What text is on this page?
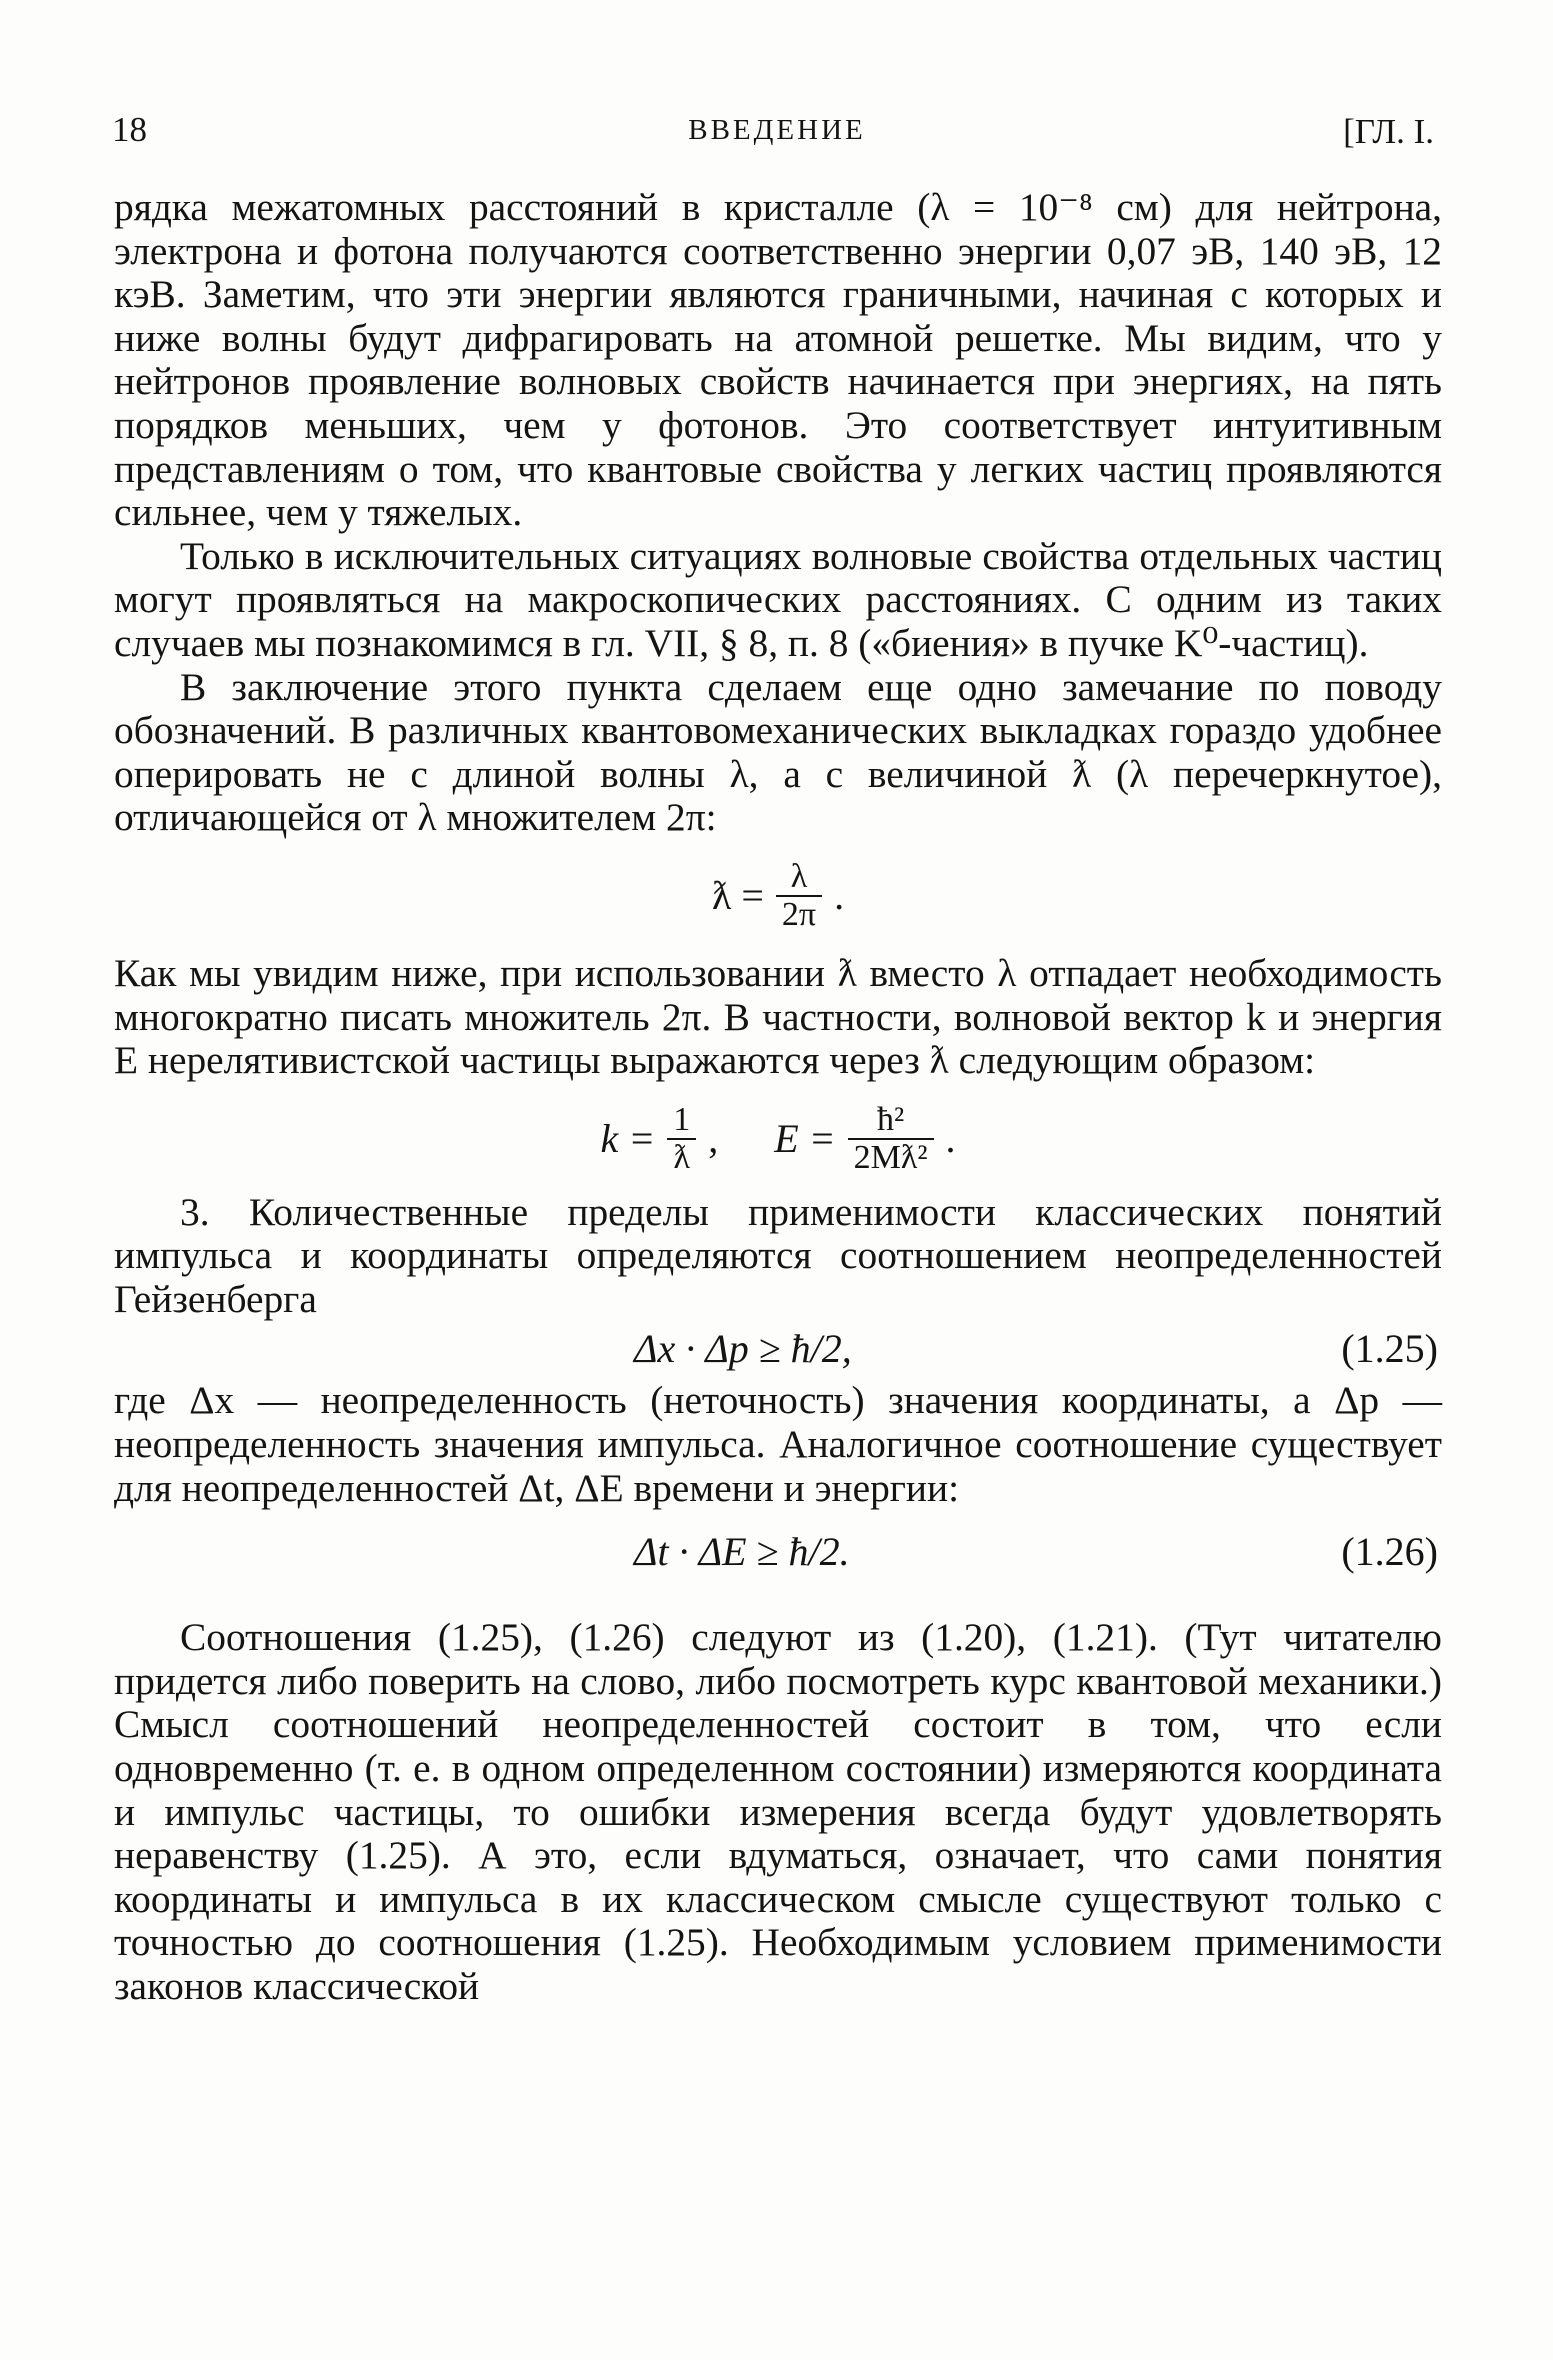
18	ВВЕДЕНИЕ	[ГЛ. I.

рядка межатомных расстояний в кристалле (λ = 10⁻⁸ см) для нейтрона, электрона и фотона получаются соответственно энергии 0,07 эВ, 140 эВ, 12 кэВ. Заметим, что эти энергии являются граничными, начиная с которых и ниже волны будут дифрагировать на атомной решетке. Мы видим, что у нейтронов проявление волновых свойств начинается при энергиях, на пять порядков меньших, чем у фотонов. Это соответствует интуитивным представлениям о том, что квантовые свойства у легких частиц проявляются сильнее, чем у тяжелых.

Только в исключительных ситуациях волновые свойства отдельных частиц могут проявляться на макроскопических расстояниях. С одним из таких случаев мы познакомимся в гл. VII, § 8, п. 8 («биения» в пучке K⁰-частиц).

В заключение этого пункта сделаем еще одно замечание по поводу обозначений. В различных квантовомеханических выкладках гораздо удобнее оперировать не с длиной волны λ, а с величиной ƛ (λ перечеркнутое), отличающейся от λ множителем 2π:

ƛ = $\frac{\lambda}{2\pi}$ .

Как мы увидим ниже, при использовании ƛ вместо λ отпадает необходимость многократно писать множитель 2π. В частности, волновой вектор k и энергия E нерелятивистской частицы выражаются через ƛ следующим образом:

$k = \frac{1}{ƛ}$ , $E = \frac{\text{ħ²}}{\text{2Mƛ²}}$ .

3. Количественные пределы применимости классических понятий импульса и координаты определяются соотношением неопределенностей Гейзенберга

Δx · Δp ≥ ħ/2,	(1.25)

где Δx — неопределенность (неточность) значения координаты, а Δp — неопределенность значения импульса. Аналогичное соотношение существует для неопределенностей Δt, ΔE времени и энергии:

Δt · ΔE ≥ ħ/2.	(1.26)

Соотношения (1.25), (1.26) следуют из (1.20), (1.21). (Тут читателю придется либо поверить на слово, либо посмотреть курс квантовой механики.) Смысл соотношений неопределенностей состоит в том, что если одновременно (т. е. в одном определенном состоянии) измеряются координата и импульс частицы, то ошибки измерения всегда будут удовлетворять неравенству (1.25). А это, если вдуматься, означает, что сами понятия координаты и импульса в их классическом смысле существуют только с точностью до соотношения (1.25). Необходимым условием применимости законов классической
